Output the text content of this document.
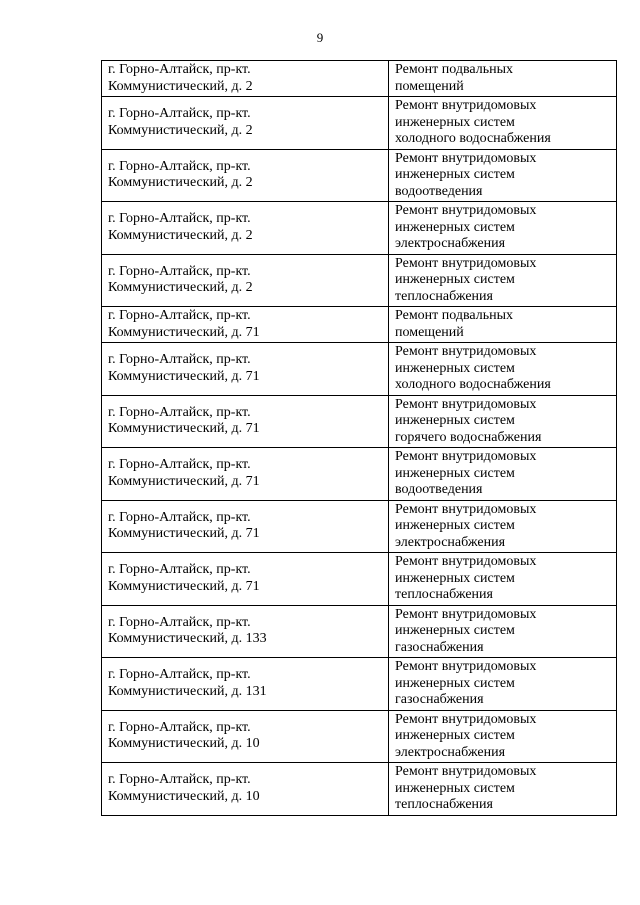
9
г. Горно-Алтайск, пр-кт.
Коммунистический, д. 2	Ремонт подвальных
помещений

г. Горно-Алтайск, пр-кт.
Коммунистический, д. 2	Ремонт внутридомовых
инженерных систем
холодного водоснабжения

г. Горно-Алтайск, пр-кт.
Коммунистический, д. 2	Ремонт внутридомовых
инженерных систем
водоотведения

г. Горно-Алтайск, пр-кт.
Коммунистический, д. 2	Ремонт внутридомовых
инженерных систем
электроснабжения

г. Горно-Алтайск, пр-кт.
Коммунистический, д. 2	Ремонт внутридомовых
инженерных систем
теплоснабжения

г. Горно-Алтайск, пр-кт.
Коммунистический, д. 71	Ремонт подвальных
помещений

г. Горно-Алтайск, пр-кт.
Коммунистический, д. 71	Ремонт внутридомовых
инженерных систем
холодного водоснабжения

г. Горно-Алтайск, пр-кт.
Коммунистический, д. 71	Ремонт внутридомовых
инженерных систем
горячего водоснабжения

г. Горно-Алтайск, пр-кт.
Коммунистический, д. 71	Ремонт внутридомовых
инженерных систем
водоотведения

г. Горно-Алтайск, пр-кт.
Коммунистический, д. 71	Ремонт внутридомовых
инженерных систем
электроснабжения

г. Горно-Алтайск, пр-кт.
Коммунистический, д. 71	Ремонт внутридомовых
инженерных систем
теплоснабжения

г. Горно-Алтайск, пр-кт.
Коммунистический, д. 133	Ремонт внутридомовых
инженерных систем
газоснабжения

г. Горно-Алтайск, пр-кт.
Коммунистический, д. 131	Ремонт внутридомовых
инженерных систем
газоснабжения

г. Горно-Алтайск, пр-кт.
Коммунистический, д. 10	Ремонт внутридомовых
инженерных систем
электроснабжения

г. Горно-Алтайск, пр-кт.
Коммунистический, д. 10	Ремонт внутридомовых
инженерных систем
теплоснабжения
